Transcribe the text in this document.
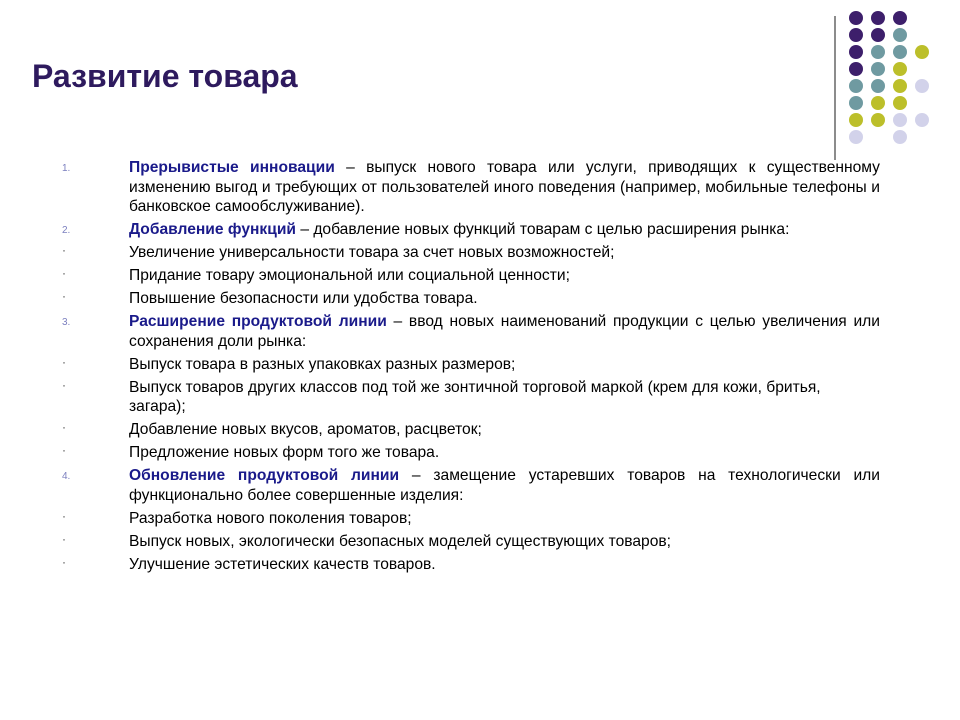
Развитие товара
1.	Прерывистые инновации – выпуск нового товара или услуги, приводящих к существенному изменению выгод и требующих от пользователей иного поведения (например, мобильные телефоны и банковское самообслуживание).
2.	Добавление функций – добавление новых функций товарам с целью расширения рынка:
·	Увеличение универсальности товара за счет новых возможностей;
·	Придание товару эмоциональной или социальной ценности;
·	Повышение безопасности или удобства товара.
3.	Расширение продуктовой линии – ввод новых наименований продукции с целью увеличения или сохранения доли рынка:
·	Выпуск товара в разных упаковках разных размеров;
·	Выпуск товаров других классов под той же зонтичной торговой маркой (крем для кожи, бритья, загара);
·	Добавление новых вкусов, ароматов, расцветок;
·	Предложение новых форм того же товара.
4.	Обновление продуктовой линии – замещение устаревших товаров на технологически или функционально более совершенные изделия:
·	Разработка нового поколения товаров;
·	Выпуск новых, экологически безопасных моделей существующих товаров;
·	Улучшение эстетических качеств товаров.
